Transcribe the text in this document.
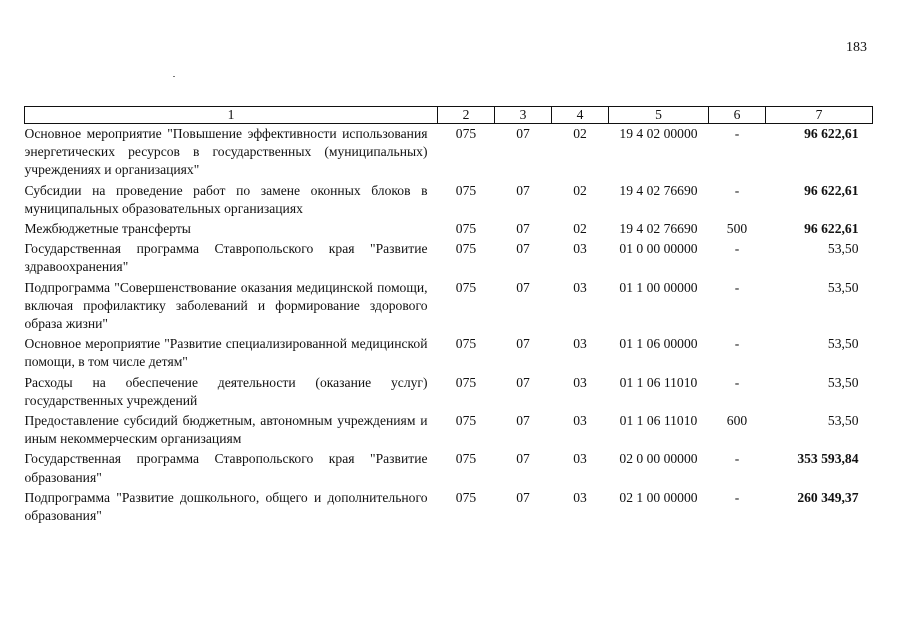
183
1	2	3	4	5	6	7
Основное мероприятие "Повышение эффективности использования энергетических ресурсов в государственных (муниципальных) учреждениях и организациях"	075	07	02	19 4 02 00000	-	96 622,61
Субсидии на проведение работ по замене оконных блоков в муниципальных образовательных организациях	075	07	02	19 4 02 76690	-	96 622,61
Межбюджетные трансферты	075	07	02	19 4 02 76690	500	96 622,61
Государственная программа Ставропольского края "Развитие здравоохранения"	075	07	03	01 0 00 00000	-	53,50
Подпрограмма "Совершенствование оказания медицинской помощи, включая профилактику заболеваний и формирование здорового образа жизни"	075	07	03	01 1 00 00000	-	53,50
Основное мероприятие "Развитие специализированной медицинской помощи, в том числе детям"	075	07	03	01 1 06 00000	-	53,50
Расходы на обеспечение деятельности (оказание услуг) государственных учреждений	075	07	03	01 1 06 11010	-	53,50
Предоставление субсидий бюджетным, автономным учреждениям и иным некоммерческим организациям	075	07	03	01 1 06 11010	600	53,50
Государственная программа Ставропольского края "Развитие образования"	075	07	03	02 0 00 00000	-	353 593,84
Подпрограмма "Развитие дошкольного, общего и дополнительного образования"	075	07	03	02 1 00 00000	-	260 349,37
